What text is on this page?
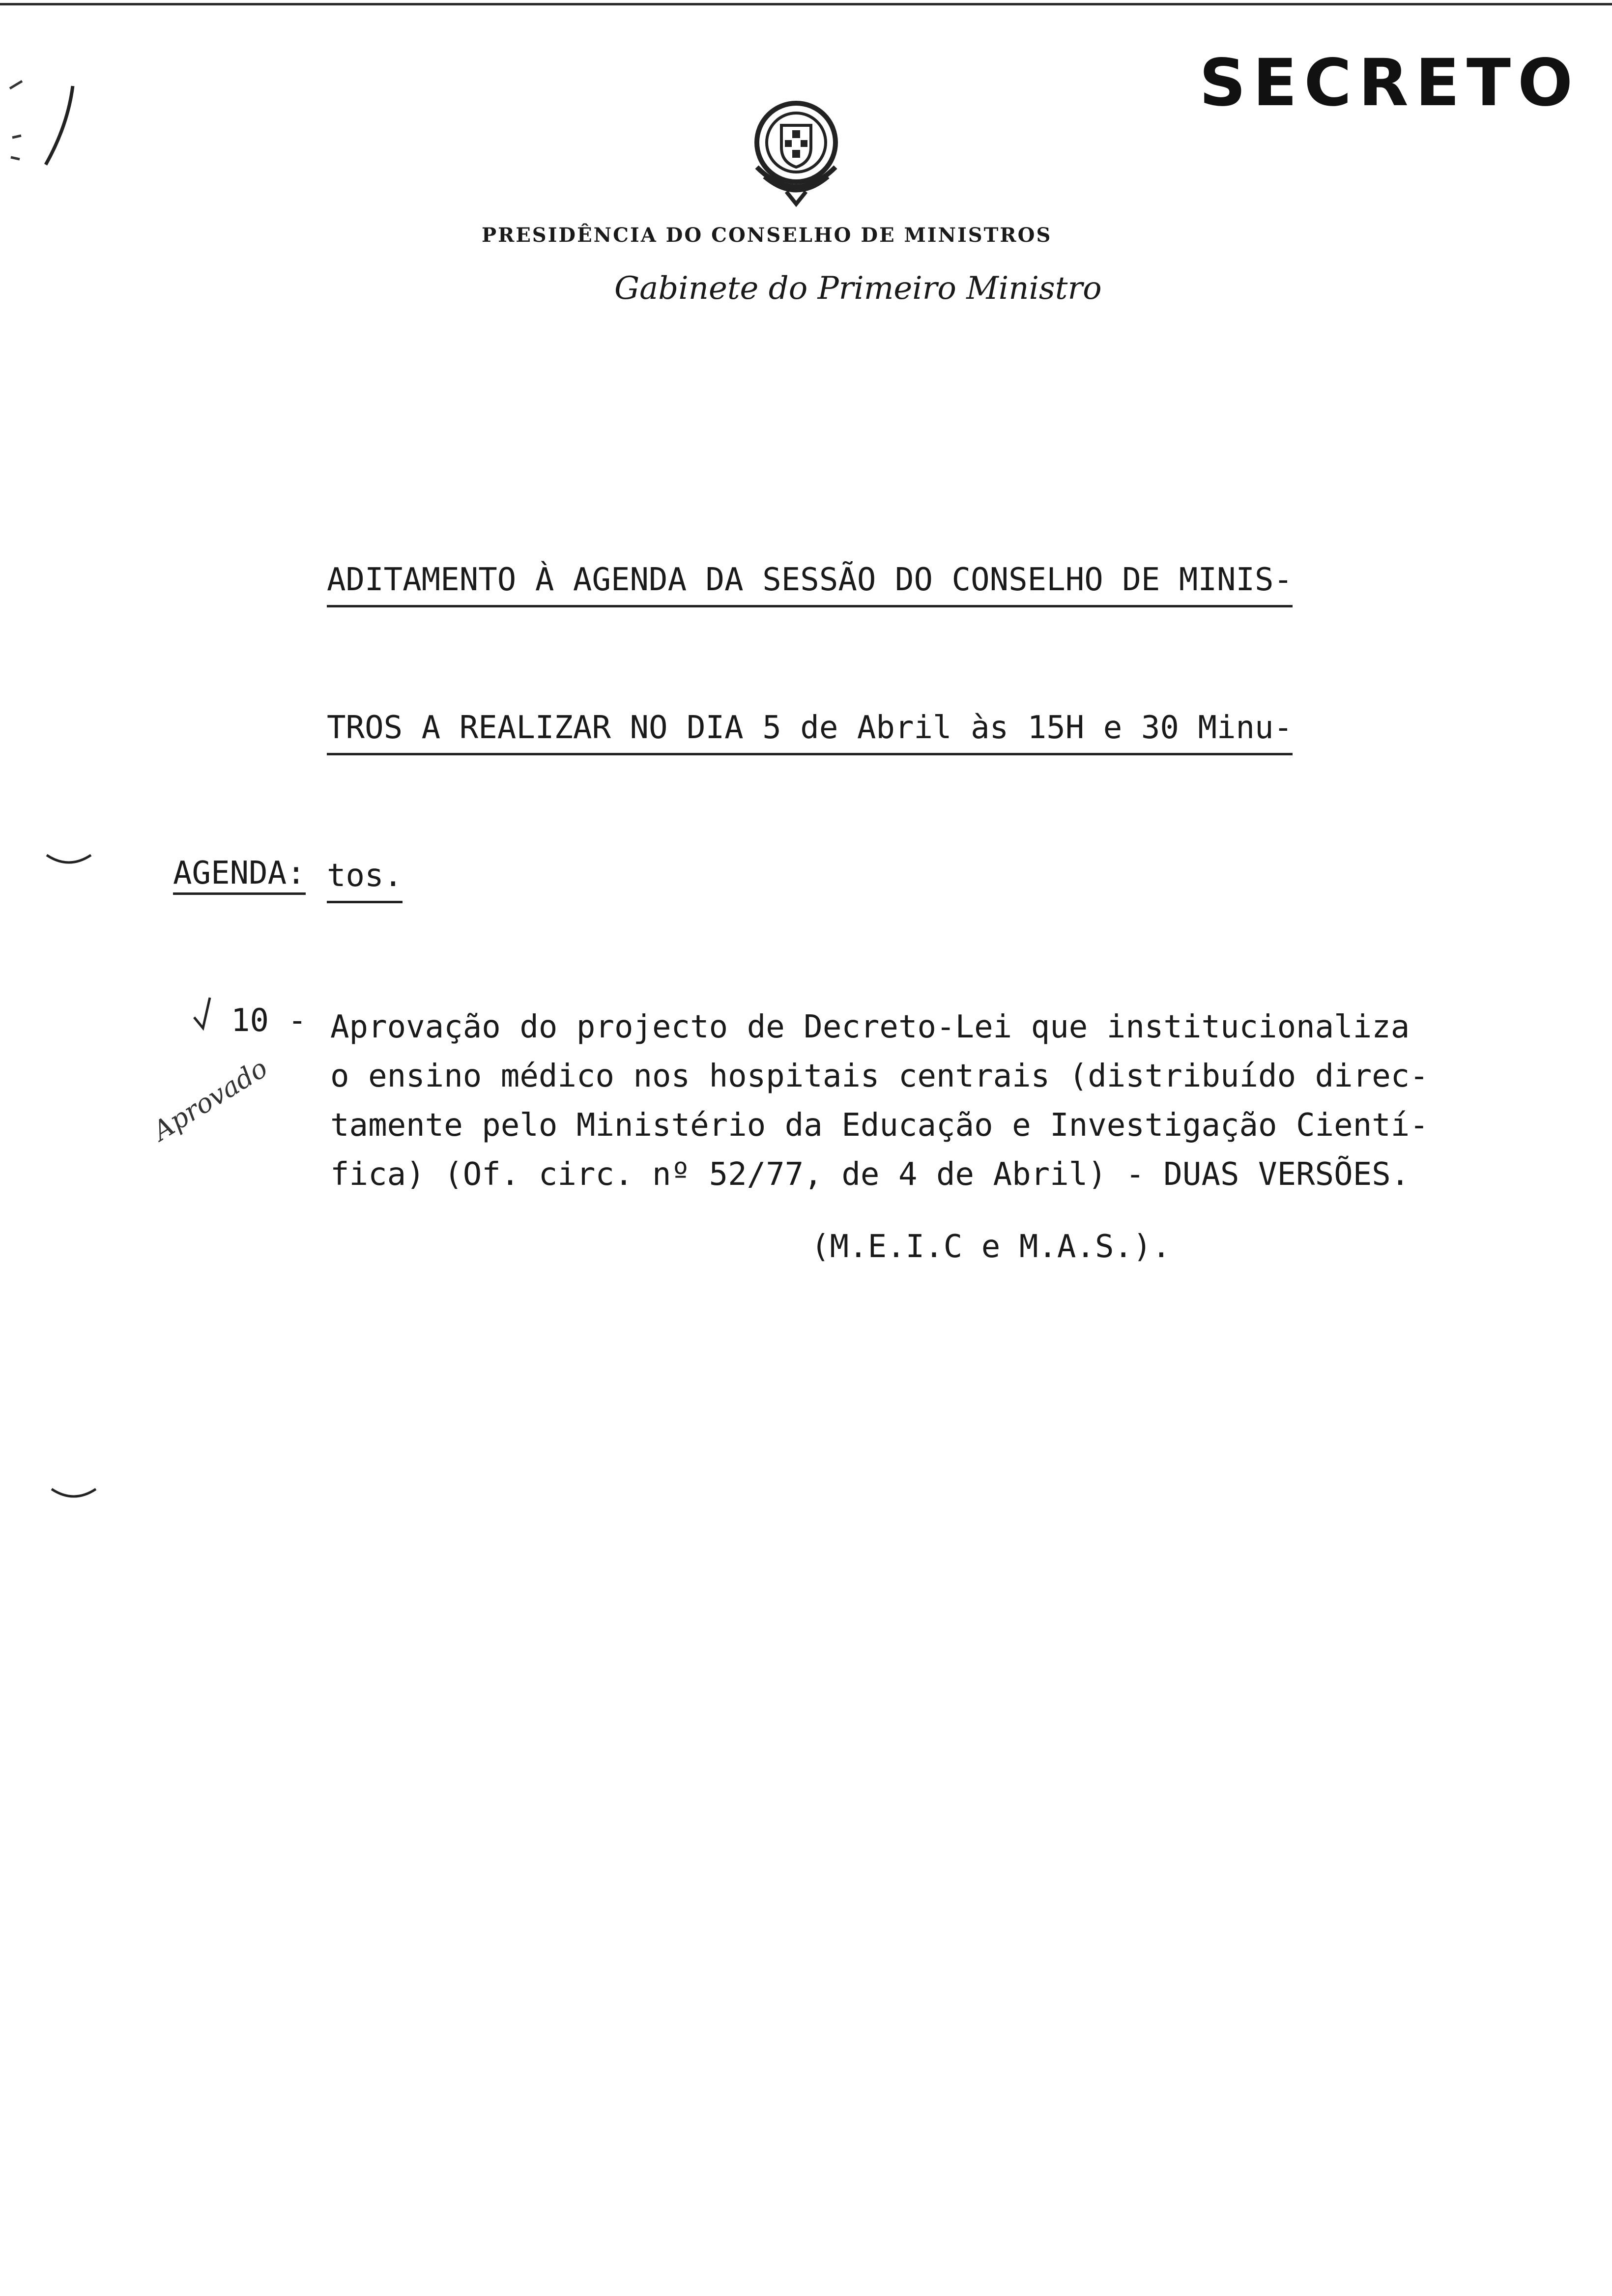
SECRETO
PRESIDÊNCIA DO CONSELHO DE MINISTROS
Gabinete do Primeiro Ministro

ADITAMENTO À AGENDA DA SESSÃO DO CONSELHO DE MINIS-

TROS A REALIZAR NO DIA 5 de Abril às 15H e 30 Minu-

tos.

AGENDA:
10 - Aprovação do projecto de Decreto-Lei que institucionaliza
o ensino médico nos hospitais centrais (distribuído direc-
tamente pelo Ministério da Educação e Investigação Cientí-
fica) (Of. circ. nº 52/77, de 4 de Abril) - DUAS VERSÕES.
(M.E.I.C e M.A.S.).
Aprovado
